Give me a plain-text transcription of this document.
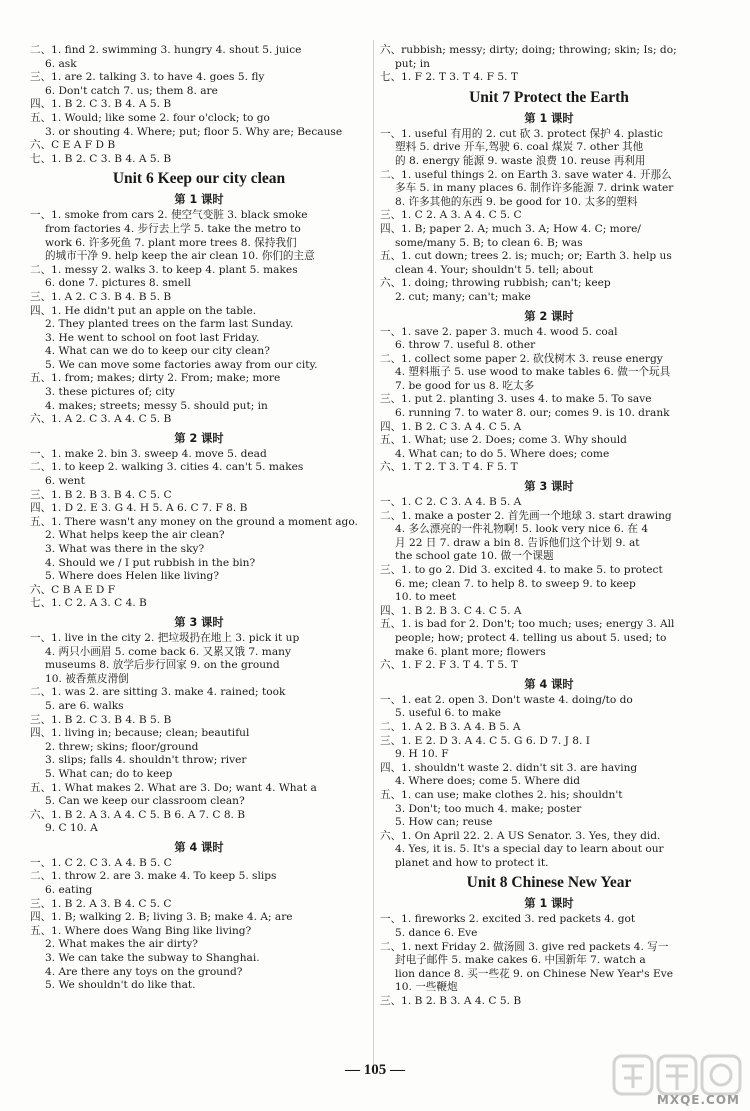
二、1. find 2. swimming 3. hungry 4. shout 5. juice
6. ask
三、1. are 2. talking 3. to have 4. goes 5. fly
6. Don't catch 7. us; them 8. are
四、1. B 2. C 3. B 4. A 5. B
五、1. Would; like some 2. four o'clock; to go
3. or shouting 4. Where; put; floor 5. Why are; Because
六、C E A F D B
七、1. B 2. C 3. B 4. A 5. B
Unit 6 Keep our city clean
第 1 课时
一、1. smoke from cars 2. 使空气变脏 3. black smoke
from factories 4. 步行去上学 5. take the metro to
work 6. 许多死鱼 7. plant more trees 8. 保持我们
的城市干净 9. help keep the air clean 10. 你们的主意
二、1. messy 2. walks 3. to keep 4. plant 5. makes
6. done 7. pictures 8. smell
三、1. A 2. C 3. B 4. B 5. B
四、1. He didn't put an apple on the table.
2. They planted trees on the farm last Sunday.
3. He went to school on foot last Friday.
4. What can we do to keep our city clean?
5. We can move some factories away from our city.
五、1. from; makes; dirty 2. From; make; more
3. these pictures of; city
4. makes; streets; messy 5. should put; in
六、1. A 2. C 3. A 4. C 5. B
第 2 课时
一、1. make 2. bin 3. sweep 4. move 5. dead
二、1. to keep 2. walking 3. cities 4. can't 5. makes
6. went
三、1. B 2. B 3. B 4. C 5. C
四、1. D 2. E 3. G 4. H 5. A 6. C 7. F 8. B
五、1. There wasn't any money on the ground a moment ago.
2. What helps keep the air clean?
3. What was there in the sky?
4. Should we / I put rubbish in the bin?
5. Where does Helen like living?
六、C B A E D F
七、1. C 2. A 3. C 4. B
第 3 课时
一、1. live in the city 2. 把垃圾扔在地上 3. pick it up
4. 两只小画眉 5. come back 6. 又累又饿 7. many
museums 8. 放学后步行回家 9. on the ground
10. 被香蕉皮滑倒
二、1. was 2. are sitting 3. make 4. rained; took
5. are 6. walks
三、1. B 2. C 3. B 4. B 5. B
四、1. living in; because; clean; beautiful
2. threw; skins; floor/ground
3. slips; falls 4. shouldn't throw; river
5. What can; do to keep
五、1. What makes 2. What are 3. Do; want 4. What a
5. Can we keep our classroom clean?
六、1. B 2. A 3. A 4. C 5. B 6. A 7. C 8. B
9. C 10. A
第 4 课时
一、1. C 2. C 3. A 4. B 5. C
二、1. throw 2. are 3. make 4. To keep 5. slips
6. eating
三、1. B 2. A 3. B 4. C 5. C
四、1. B; walking 2. B; living 3. B; make 4. A; are
五、1. Where does Wang Bing like living?
2. What makes the air dirty?
3. We can take the subway to Shanghai.
4. Are there any toys on the ground?
5. We shouldn't do like that.
六、rubbish; messy; dirty; doing; throwing; skin; Is; do;
put; in
七、1. F 2. T 3. T 4. F 5. T
Unit 7 Protect the Earth
第 1 课时
一、1. useful 有用的 2. cut 砍 3. protect 保护 4. plastic
塑料 5. drive 开车,驾驶 6. coal 煤炭 7. other 其他
的 8. energy 能源 9. waste 浪费 10. reuse 再利用
二、1. useful things 2. on Earth 3. save water 4. 开那么
多车 5. in many places 6. 制作许多能源 7. drink water
8. 许多其他的东西 9. be good for 10. 太多的塑料
三、1. C 2. A 3. A 4. C 5. C
四、1. B; paper 2. A; much 3. A; How 4. C; more/
some/many 5. B; to clean 6. B; was
五、1. cut down; trees 2. is; much; or; Earth 3. help us
clean 4. Your; shouldn't 5. tell; about
六、1. doing; throwing rubbish; can't; keep
2. cut; many; can't; make
第 2 课时
一、1. save 2. paper 3. much 4. wood 5. coal
6. throw 7. useful 8. other
二、1. collect some paper 2. 砍伐树木 3. reuse energy
4. 塑料瓶子 5. use wood to make tables 6. 做一个玩具
7. be good for us 8. 吃太多
三、1. put 2. planting 3. uses 4. to make 5. To save
6. running 7. to water 8. our; comes 9. is 10. drank
四、1. B 2. C 3. A 4. C 5. A
五、1. What; use 2. Does; come 3. Why should
4. What can; to do 5. Where does; come
六、1. T 2. T 3. T 4. F 5. T
第 3 课时
一、1. C 2. C 3. A 4. B 5. A
二、1. make a poster 2. 首先画一个地球 3. start drawing
4. 多么漂亮的一件礼物啊! 5. look very nice 6. 在 4
月 22 日 7. draw a bin 8. 告诉他们这个计划 9. at
the school gate 10. 做一个课题
三、1. to go 2. Did 3. excited 4. to make 5. to protect
6. me; clean 7. to help 8. to sweep 9. to keep
10. to meet
四、1. B 2. B 3. C 4. C 5. A
五、1. is bad for 2. Don't; too much; uses; energy 3. All
people; how; protect 4. telling us about 5. used; to
make 6. plant more; flowers
六、1. F 2. F 3. T 4. T 5. T
第 4 课时
一、1. eat 2. open 3. Don't waste 4. doing/to do
5. useful 6. to make
二、1. A 2. B 3. A 4. B 5. A
三、1. E 2. D 3. A 4. C 5. G 6. D 7. J 8. I
9. H 10. F
四、1. shouldn't waste 2. didn't sit 3. are having
4. Where does; come 5. Where did
五、1. can use; make clothes 2. his; shouldn't
3. Don't; too much 4. make; poster
5. How can; reuse
六、1. On April 22. 2. A US Senator. 3. Yes, they did.
4. Yes, it is. 5. It's a special day to learn about our
planet and how to protect it.
Unit 8 Chinese New Year
第 1 课时
一、1. fireworks 2. excited 3. red packets 4. got
5. dance 6. Eve
二、1. next Friday 2. 做汤圆 3. give red packets 4. 写一
封电子邮件 5. make cakes 6. 中国新年 7. watch a
lion dance 8. 买一些花 9. on Chinese New Year's Eve
10. 一些鞭炮
三、1. B 2. B 3. A 4. C 5. B
— 105 —
MXQE.COM
